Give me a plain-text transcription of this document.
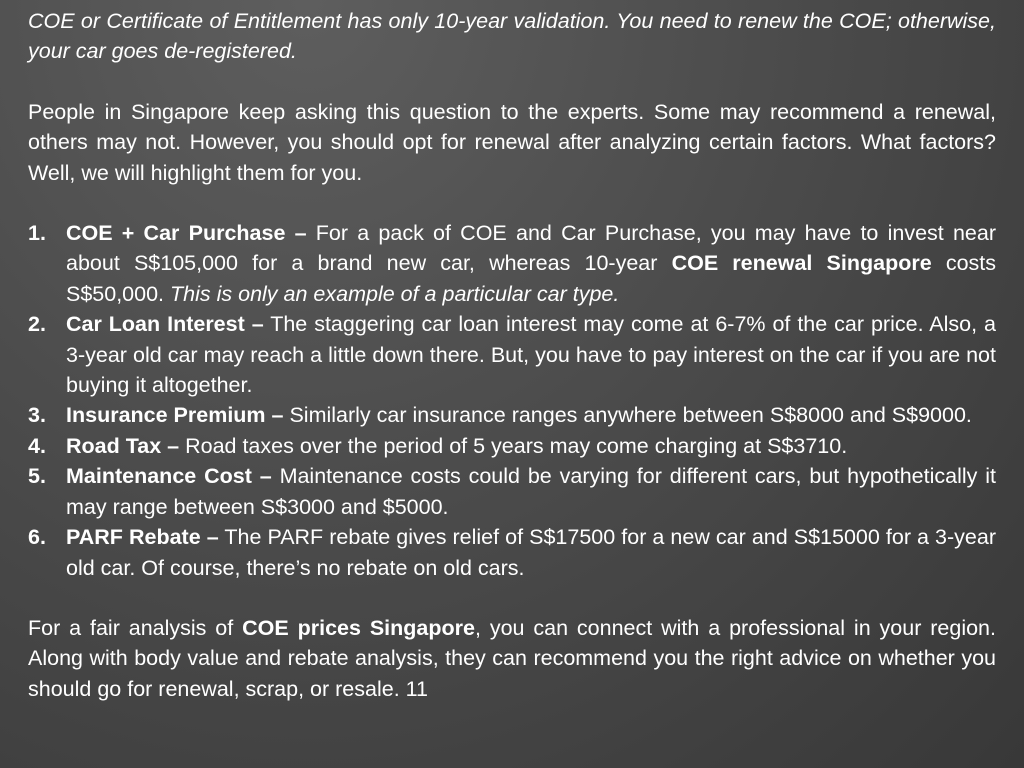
COE or Certificate of Entitlement has only 10-year validation. You need to renew the COE; otherwise, your car goes de-registered.

People in Singapore keep asking this question to the experts. Some may recommend a renewal, others may not. However, you should opt for renewal after analyzing certain factors. What factors? Well, we will highlight them for you.

1. COE + Car Purchase – For a pack of COE and Car Purchase, you may have to invest near about S$105,000 for a brand new car, whereas 10-year COE renewal Singapore costs S$50,000. This is only an example of a particular car type.
2. Car Loan Interest – The staggering car loan interest may come at 6-7% of the car price. Also, a 3-year old car may reach a little down there. But, you have to pay interest on the car if you are not buying it altogether.
3. Insurance Premium – Similarly car insurance ranges anywhere between S$8000 and S$9000.
4. Road Tax – Road taxes over the period of 5 years may come charging at S$3710.
5. Maintenance Cost – Maintenance costs could be varying for different cars, but hypothetically it may range between S$3000 and $5000.
6. PARF Rebate – The PARF rebate gives relief of S$17500 for a new car and S$15000 for a 3-year old car. Of course, there’s no rebate on old cars.

For a fair analysis of COE prices Singapore, you can connect with a professional in your region. Along with body value and rebate analysis, they can recommend you the right advice on whether you should go for renewal, scrap, or resale. 11
